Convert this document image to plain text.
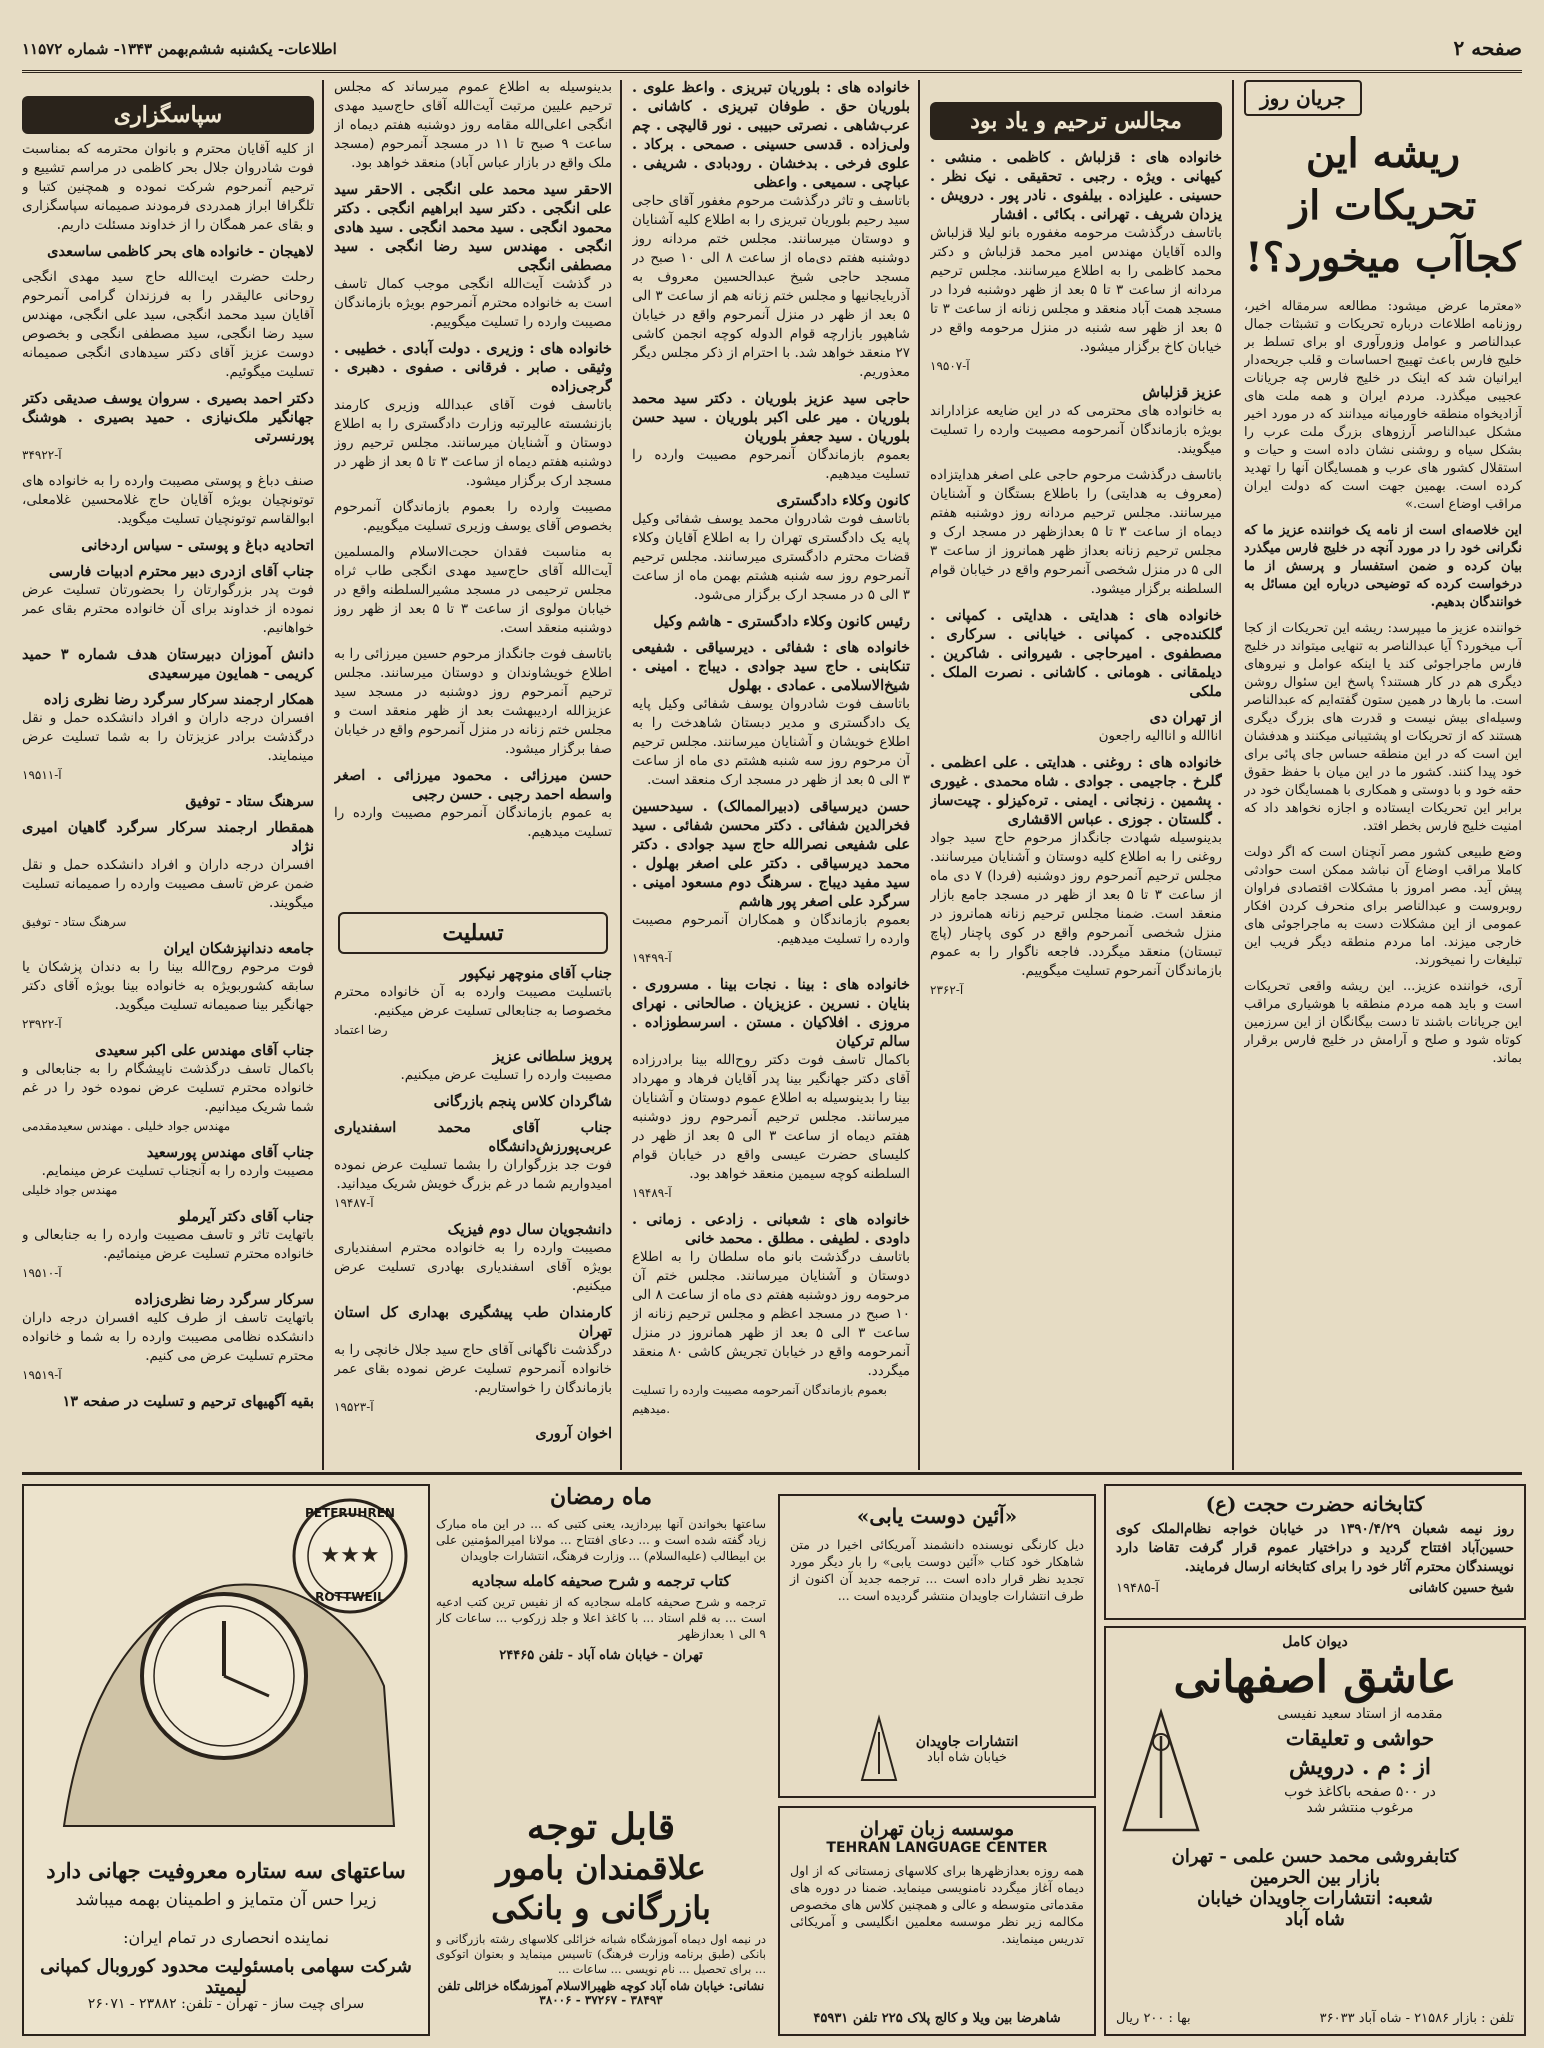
صفحه ۲
اطلاعات- یکشنبه ششم‌بهمن ۱۳۴۳- شماره ۱۱۵۷۲
جریان روز
ریشه این تحریکات از کجاآب میخورد؟!
«معترما عرض میشود: مطالعه سرمقاله اخیر، روزنامه اطلاعات درباره تحریکات و تشبثات جمال عبدالناصر و عوامل وزورآوری او برای تسلط بر خلیج فارس باعث تهییج احساسات و قلب جریحه‌دار ایرانیان شد که اینک در خلیج فارس چه جریانات عجیبی میگذرد. مردم ایران و همه ملت های آزادیخواه منطقه خاورمیانه میدانند که در مورد اخیر مشکل عبدالناصر آرزوهای بزرگ ملت عرب را بشکل سیاه و روشنی نشان داده است و حیات و استقلال کشور های عرب و همسایگان آنها را تهدید کرده است. بهمین جهت است که دولت ایران مراقب اوضاع است.»
این خلاصه‌ای است از نامه یک خواننده عزیز ما که نگرانی خود را در مورد آنچه در خلیج فارس میگذرد بیان کرده و ضمن استفسار و پرسش از ما درخواست کرده که توضیحی درباره این مسائل به خوانندگان بدهیم.
خواننده عزیز ما میپرسد: ریشه این تحریکات از کجا آب میخورد؟ آیا عبدالناصر به تنهایی میتواند در خلیج فارس ماجراجوئی کند یا اینکه عوامل و نیروهای دیگری هم در کار هستند؟ پاسخ این سئوال روشن است. ما بارها در همین ستون گفته‌ایم که عبدالناصر وسیله‌ای بیش نیست و قدرت های بزرگ دیگری هستند که از تحریکات او پشتیبانی میکنند و هدفشان این است که در این منطقه حساس جای پائی برای خود پیدا کنند. کشور ما در این میان با حفظ حقوق حقه خود و با دوستی و همکاری با همسایگان خود در برابر این تحریکات ایستاده و اجازه نخواهد داد که امنیت خلیج فارس بخطر افتد.
وضع طبیعی کشور مصر آنچنان است که اگر دولت کاملا مراقب اوضاع آن نباشد ممکن است حوادثی پیش آید. مصر امروز با مشکلات اقتصادی فراوان روبروست و عبدالناصر برای منحرف کردن افکار عمومی از این مشکلات دست به ماجراجوئی های خارجی میزند. اما مردم منطقه دیگر فریب این تبلیغات را نمیخورند.
آری، خواننده عزیز... این ریشه واقعی تحریکات است و باید همه مردم منطقه با هوشیاری مراقب این جریانات باشند تا دست بیگانگان از این سرزمین کوتاه شود و صلح و آرامش در خلیج فارس برقرار بماند.
مجالس ترحیم و یاد بود
خانواده های : قزلباش . کاظمی . منشی . کیهانی . ویژه . رجبی . تحقیقی . نیک نظر . حسینی . علیزاده . بیلفوی . نادر پور . درویش . یزدان شریف . تهرانی . بکائی . افشار
باتاسف درگذشت مرحومه مغفوره بانو لیلا قزلباش والده آقایان مهندس امیر محمد قزلباش و دکتر محمد کاظمی را به اطلاع میرسانند. مجلس ترحیم مردانه از ساعت ۳ تا ۵ بعد از ظهر دوشنبه فردا در مسجد همت آباد منعقد و مجلس زنانه از ساعت ۳ تا ۵ بعد از ظهر سه شنبه در منزل مرحومه واقع در خیابان کاخ برگزار میشود.
آ-۱۹۵۰۷
عزیز قزلباش
به خانواده های محترمی که در این ضایعه عزاداراند بویژه بازماندگان آنمرحومه مصیبت وارده را تسلیت میگویند.
باتاسف درگذشت مرحوم حاجی علی اصغر هدایتزاده (معروف به هدایتی) را باطلاع بستگان و آشنایان میرسانند. مجلس ترحیم مردانه روز دوشنبه هفتم دیماه از ساعت ۳ تا ۵ بعدازظهر در مسجد ارک و مجلس ترحیم زنانه بعداز ظهر همانروز از ساعت ۳ الی ۵ در منزل شخصی آنمرحوم واقع در خیابان قوام السلطنه برگزار میشود.
خانواده های : هدایتی . هدایتی . کمپانی . گلکنده‌جی . کمپانی . خیابانی . سرکاری . مصطفوی . امیرحاجی . شیروانی . شاکرین . دیلمقانی . هومانی . کاشانی . نصرت الملک . ملکی
از تهران دی
اناالله و اناالیه راجعون
خانواده های : روغنی . هدایتی . علی اعظمی . گلرخ . جاجیمی . جوادی . شاه محمدی . غیوری . پشمین . زنجانی . ایمنی . تره‌کیزلو . چیت‌ساز . گلستان . جوزی . عباس الاقشاری
بدینوسیله شهادت جانگداز مرحوم حاج سید جواد روغنی را به اطلاع کلیه دوستان و آشنایان میرسانند. مجلس ترحیم آنمرحوم روز دوشنبه (فردا) ۷ دی ماه از ساعت ۳ تا ۵ بعد از ظهر در مسجد جامع بازار منعقد است. ضمنا مجلس ترحیم زنانه همانروز در منزل شخصی آنمرحوم واقع در کوی پاچنار (پاچ تبستان) منعقد میگردد. فاجعه ناگوار را به عموم بازماندگان آنمرحوم تسلیت میگوییم.
آ-۲۳۶۲
خانواده های : بلوریان تبریزی . واعظ علوی . بلوریان حق . طوفان تبریزی . کاشانی . عرب‌شاهی . نصرتی حبیبی . نور قالیچی . چم ولی‌زاده . قدسی حسینی . صمحی . برکاد . علوی فرخی . بدخشان . رودبادی . شریفی . عباچی . سمیعی . واعظی
باتاسف و تاثر درگذشت مرحوم مغفور آقای حاجی سید رحیم بلوریان تبریزی را به اطلاع کلیه آشنایان و دوستان میرسانند. مجلس ختم مردانه روز دوشنبه هفتم دی‌ماه از ساعت ۸ الی ۱۰ صبح در مسجد حاجی شیخ عبدالحسین معروف به آذربایجانیها و مجلس ختم زنانه هم از ساعت ۳ الی ۵ بعد از ظهر در منزل آنمرحوم واقع در خیابان شاهپور بازارچه قوام الدوله کوچه انجمن کاشی ۲۷ منعقد خواهد شد. با احترام از ذکر مجلس دیگر معذوریم.
حاجی سید عزیز بلوریان . دکتر سید محمد بلوریان . میر علی اکبر بلوریان . سید حسن بلوریان . سید جعفر بلوریان
بعموم بازماندگان آنمرحوم مصیبت وارده را تسلیت میدهیم.
کانون وکلاء دادگستری
باتاسف فوت شادروان محمد یوسف شفائی وکیل پایه یک دادگستری تهران را به اطلاع آقایان وکلاء قضات محترم دادگستری میرسانند. مجلس ترحیم آنمرحوم روز سه شنبه هشتم بهمن ماه از ساعت ۳ الی ۵ در مسجد ارک برگزار می‌شود.
رئیس کانون وکلاء دادگستری - هاشم‌ وکیل
خانواده های : شفائی . دیرسیاقی . شفیعی تنکابنی . حاج سید جوادی . دیباج . امینی . شیخ‌الاسلامی . عمادی . بهلول
باتاسف فوت شادروان یوسف شفائی وکیل پایه یک دادگستری و مدیر دبستان شاهدخت را به اطلاع خویشان و آشنایان میرسانند. مجلس ترحیم آن مرحوم روز سه شنبه هشتم دی ماه از ساعت ۳ الی ۵ بعد از ظهر در مسجد ارک منعقد است.
حسن دیرسیاقی (دبیرالممالک) . سیدحسین فخرالدین شفائی . دکتر محسن شفائی . سید علی شفیعی نصرالله حاج سید جوادی . دکتر محمد دیرسیاقی . دکتر علی اصغر بهلول . سید مفید دیباج . سرهنگ دوم مسعود امینی . سرگرد علی اصغر پور هاشم
بعموم بازماندگان و همکاران آنمرحوم مصیبت وارده را تسلیت میدهیم.
آ-۱۹۴۹۹
خانواده های : بینا . نجات بینا . مسروری . بنایان . نسرین . عزیزیان . صالحانی . نهرای مروزی . افلاکیان . مستن . اسرسطوزاده . سالم ترکیان
باکمال تاسف فوت دکتر روح‌الله بینا برادرزاده آقای دکتر جهانگیر بینا پدر آقایان فرهاد و مهرداد بینا را بدینوسیله به اطلاع عموم دوستان و آشنایان میرسانند. مجلس ترحیم آنمرحوم روز دوشنبه هفتم دیماه از ساعت ۳ الی ۵ بعد از ظهر در کلیسای حضرت عیسی واقع در خیابان قوام السلطنه کوچه سیمین منعقد خواهد بود.
آ-۱۹۴۸۹
خانواده های : شعبانی . زادعی . زمانی . داودی . لطیفی . مطلق . محمد خانی
باتاسف درگذشت بانو ماه سلطان را به اطلاع دوستان و آشنایان میرسانند. مجلس ختم آن مرحومه روز دوشنبه هفتم دی ماه از ساعت ۸ الی ۱۰ صبح در مسجد اعظم و مجلس ترحیم زنانه از ساعت ۳ الی ۵ بعد از ظهر همانروز در منزل آنمرحومه واقع در خیابان تجریش کاشی ۸۰ منعقد میگردد.
بعموم بازماندگان آنمرحومه مصیبت وارده را تسلیت میدهیم.
بدینوسیله به اطلاع عموم میرساند که مجلس ترحیم علیین مرتبت آیت‌الله آقای حاج‌سید مهدی انگجی اعلی‌الله مقامه روز دوشنبه هفتم دیماه از ساعت ۹ صبح تا ۱۱ در مسجد آنمرحوم (مسجد ملک واقع در بازار عباس آباد) منعقد خواهد بود.
الاحقر سید محمد علی انگجی . الاحقر سید علی انگجی . دکتر سید ابراهیم انگجی . دکتر محمود انگجی . سید محمد انگجی . سید هادی انگجی . مهندس سید رضا انگجی . سید مصطفی انگجی
در گذشت آیت‌الله انگجی موجب کمال تاسف است به خانواده محترم آنمرحوم بویژه بازماندگان مصیبت وارده را تسلیت میگوییم.
خانواده های : وزیری . دولت آبادی . خطیبی . وثیقی . صابر . فرقانی . صفوی . دهبری . گرجی‌زاده
باتاسف فوت آقای عبدالله وزیری کارمند بازنشسته عالیرتبه وزارت دادگستری را به اطلاع دوستان و آشنایان میرسانند. مجلس ترحیم روز دوشنبه هفتم دیماه از ساعت ۳ تا ۵ بعد از ظهر در مسجد ارک برگزار میشود.
مصیبت وارده را بعموم بازماندگان آنمرحوم بخصوص آقای یوسف وزیری تسلیت میگوییم.
به مناسبت فقدان حجت‌الاسلام والمسلمین آیت‌الله آقای حاج‌سید مهدی انگجی طاب ثراه مجلس ترحیمی در مسجد مشیرالسلطنه واقع در خیابان مولوی از ساعت ۳ تا ۵ بعد از ظهر روز دوشنبه منعقد است.
باتاسف فوت جانگداز مرحوم حسین میرزائی را به اطلاع خویشاوندان و دوستان میرسانند. مجلس ترحیم آنمرحوم روز دوشنبه در مسجد سید عزیزالله اردیبهشت بعد از ظهر منعقد است و مجلس ختم زنانه در منزل آنمرحوم واقع در خیابان صفا برگزار میشود.
حسن میرزائی . محمود میرزائی . اصغر واسطه احمد رجبی . حسن رجبی
به عموم بازماندگان آنمرحوم مصیبت وارده را تسلیت میدهیم.
تسلیت
جناب آقای منوچهر نیکپور
باتسلیت مصیبت وارده به آن خانواده محترم مخصوصا به جنابعالی تسلیت عرض میکنیم.
رضا اعتماد
پرویز سلطانی عزیز
مصیبت وارده را تسلیت عرض میکنیم.
شاگردان کلاس پنجم بازرگانی
جناب آقای محمد اسفندیاری عربی‌پورزش‌دانشگاه
فوت جد بزرگواران را بشما تسلیت عرض نموده امیدواریم شما در غم بزرگ خویش شریک میدانید.
آ-۱۹۴۸۷
دانشجویان سال دوم فیزیک
مصیبت وارده را به خانواده محترم اسفندیاری بویژه آقای اسفندیاری بهادری تسلیت عرض میکنیم.
کارمندان طب پیشگیری بهداری کل استان تهران
درگذشت ناگهانی آقای حاج سید جلال خانچی را به خانواده آنمرحوم تسلیت عرض نموده بقای عمر بازماندگان را خواستاریم.
آ-۱۹۵۲۳
اخوان آروری
سپاسگزاری
از کلیه آقایان محترم و بانوان محترمه که بمناسبت فوت شادروان جلال بحر کاظمی در مراسم تشییع و ترحیم آنمرحوم شرکت نموده و همچنین کتبا و تلگرافا ابراز همدردی فرمودند صمیمانه سپاسگزاری و بقای عمر همگان را از خداوند مسئلت داریم.
لاهیجان - خانواده های بحر کاظمی ساسعدی
رحلت حضرت ایت‌الله حاج سید مهدی انگجی روحانی عالیقدر را به فرزندان گرامی آنمرحوم آقایان سید محمد انگجی، سید علی انگجی، مهندس سید رضا انگجی، سید مصطفی انگجی و بخصوص دوست عزیز آقای دکتر سیدهادی انگجی صمیمانه تسلیت میگوئیم.
دکتر احمد بصیری . سروان یوسف صدیقی دکتر جهانگیر ملک‌نیازی . حمید بصیری . هوشنگ پورنسرتی
آ-۳۴۹۲۲
صنف دباغ و پوستی مصیبت وارده را به خانواده های توتونچیان بویژه آقایان حاج غلامحسین غلامعلی، ابوالقاسم توتونچیان تسلیت میگوید.
اتحادیه دباغ و پوستی - سیاس اردخانی
جناب آقای ازدری دبیر محترم ادبیات فارسی
فوت پدر بزرگوارتان را بحضورتان تسلیت عرض نموده از خداوند برای آن خانواده محترم بقای عمر خواهانیم.
دانش آموزان دبیرستان هدف شماره ۳ حمید کریمی - همایون میرسعیدی
همکار ارجمند سرکار سرگرد رضا نظری زاده
افسران درجه داران و افراد دانشکده حمل و نقل درگذشت برادر عزیزتان را به شما تسلیت عرض مینمایند.
آ-۱۹۵۱۱
سرهنگ ستاد - توفیق
همقطار ارجمند سرکار سرگرد گاهیان امیری نژاد
افسران درجه داران و افراد دانشکده حمل و نقل ضمن عرض تاسف مصیبت وارده را صمیمانه تسلیت میگویند.
سرهنگ ستاد - توفیق
جامعه دندانپزشکان ایران
فوت مرحوم روح‌الله بینا را به دندان پزشکان یا سابقه کشوربویژه به خانواده بینا بویژه آقای دکتر جهانگیر بینا صمیمانه تسلیت میگوید.
آ-۲۳۹۲۲
جناب آقای مهندس علی اکبر سعیدی
باکمال تاسف درگذشت ناپیشگام را به جنابعالی و خانواده محترم تسلیت عرض نموده خود را در غم شما شریک میدانیم.
مهندس جواد خلیلی . مهندس سعید‌مقدمی
جناب آقای مهندس پورسعید
مصیبت وارده را به آنجناب تسلیت عرض مینمایم.
مهندس جواد خلیلی
جناب آقای دکتر آیرملو
باتهایت تاثر و تاسف مصیبت وارده را به جنابعالی و خانواده محترم تسلیت عرض مینمائیم.
آ-۱۹۵۱۰
سرکار سرگرد رضا نظری‌زاده
باتهایت تاسف از طرف کلیه افسران درجه داران دانشکده نظامی مصیبت وارده را به شما و خانواده محترم تسلیت عرض می کنیم.
آ-۱۹۵۱۹
بقیه آگهیهای ترحیم و تسلیت در صفحه ۱۳
★★★
PETERUHREN
ROTTWEIL
ساعتهای سه ستاره معروفیت جهانی دارد
زیرا حس آن متمایز و اطمینان بهمه میباشد
نماینده انحصاری در تمام ایران:
شرکت سهامی بامسئولیت محدود کوروبال کمپانی لیمیتد
سرای چیت ساز - تهران - تلفن: ۲۳۸۸۲ - ۲۶۰۷۱
ماه رمضان
ساعتها بخواندن آنها بپردازید، یعنی کتبی که ... در این ماه مبارک زیاد گفته شده است و ... دعای افتتاح ... مولانا امیرالمؤمنین علی بن ابیطالب (علیه‌السلام) ... وزارت فرهنگ، انتشارات جاویدان
کتاب ترجمه و شرح صحیفه کامله سجادیه
ترجمه و شرح صحیفه کامله سجادیه که از نفیس ترین کتب ادعیه است ... به قلم استاد ... با کاغذ اعلا و جلد زرکوب ... ساعات کار ۹ الی ۱ بعدازظهر
تهران - خیابان شاه آباد - تلفن ۲۴۴۶۵
«آئین دوست یابی»
دیل کارنگی نویسنده دانشمند آمریکائی اخیرا در متن شاهکار خود کتاب «آئین دوست یابی» را بار دیگر مورد تجدید نظر قرار داده است ... ترجمه جدید آن اکنون از طرف انتشارات جاویدان منتشر گردیده است ...
انتشارات جاویدان
خیابان شاه آباد
موسسه زبان تهران
TEHRAN LANGUAGE CENTER
همه روزه بعدازظهرها برای کلاسهای زمستانی که از اول دیماه آغاز میگردد نامنویسی مینماید. ضمنا در دوره های مقدماتی متوسطه و عالی و همچنین کلاس های مخصوص مکالمه زیر نظر موسسه معلمین انگلیسی و آمریکائی تدریس مینمایند.
شاهرضا بین ویلا و کالج پلاک ۲۲۵ تلفن ۴۵۹۳۱
قابل توجه
علاقمندان بامور
بازرگانی و بانکی
در نیمه اول دیماه آموزشگاه شبانه خزائلی کلاسهای رشته بازرگانی و بانکی (طبق برنامه وزارت فرهنگ) تاسیس مینماید و بعنوان اتوکوی ... برای تحصیل ... نام نویسی ... ساعات ...
نشانی: خیابان شاه آباد کوچه ظهیرالاسلام آموزشگاه خزائلی تلفن ۳۸۴۹۳ - ۳۷۲۶۷ - ۳۸۰۰۶
کتابخانه حضرت حجت (ع)
روز نیمه شعبان ۱۳۹۰/۴/۲۹ در خیابان خواجه نظام‌الملک کوی حسین‌آباد افتتاح گردید و دراختیار عموم قرار گرفت تقاضا دارد نویسندگان محترم آثار خود را برای کتابخانه ارسال فرمایند.
شیخ حسین کاشانی
آ-۱۹۴۸۵
دیوان کامل
عاشق اصفهانی
مقدمه از استاد سعید نفیسی
حواشی و تعلیقات
از : م . درویش
در ۵۰۰ صفحه باکاغذ خوب
مرغوب منتشر شد
کتابفروشی محمد حسن علمی - تهران
بازار بین الحرمین
شعبه: انتشارات جاویدان خیابان
شاه آباد
تلفن : بازار ۲۱۵۸۶ - شاه آباد ۳۶۰۳۳
بها : ۲۰۰ ریال
